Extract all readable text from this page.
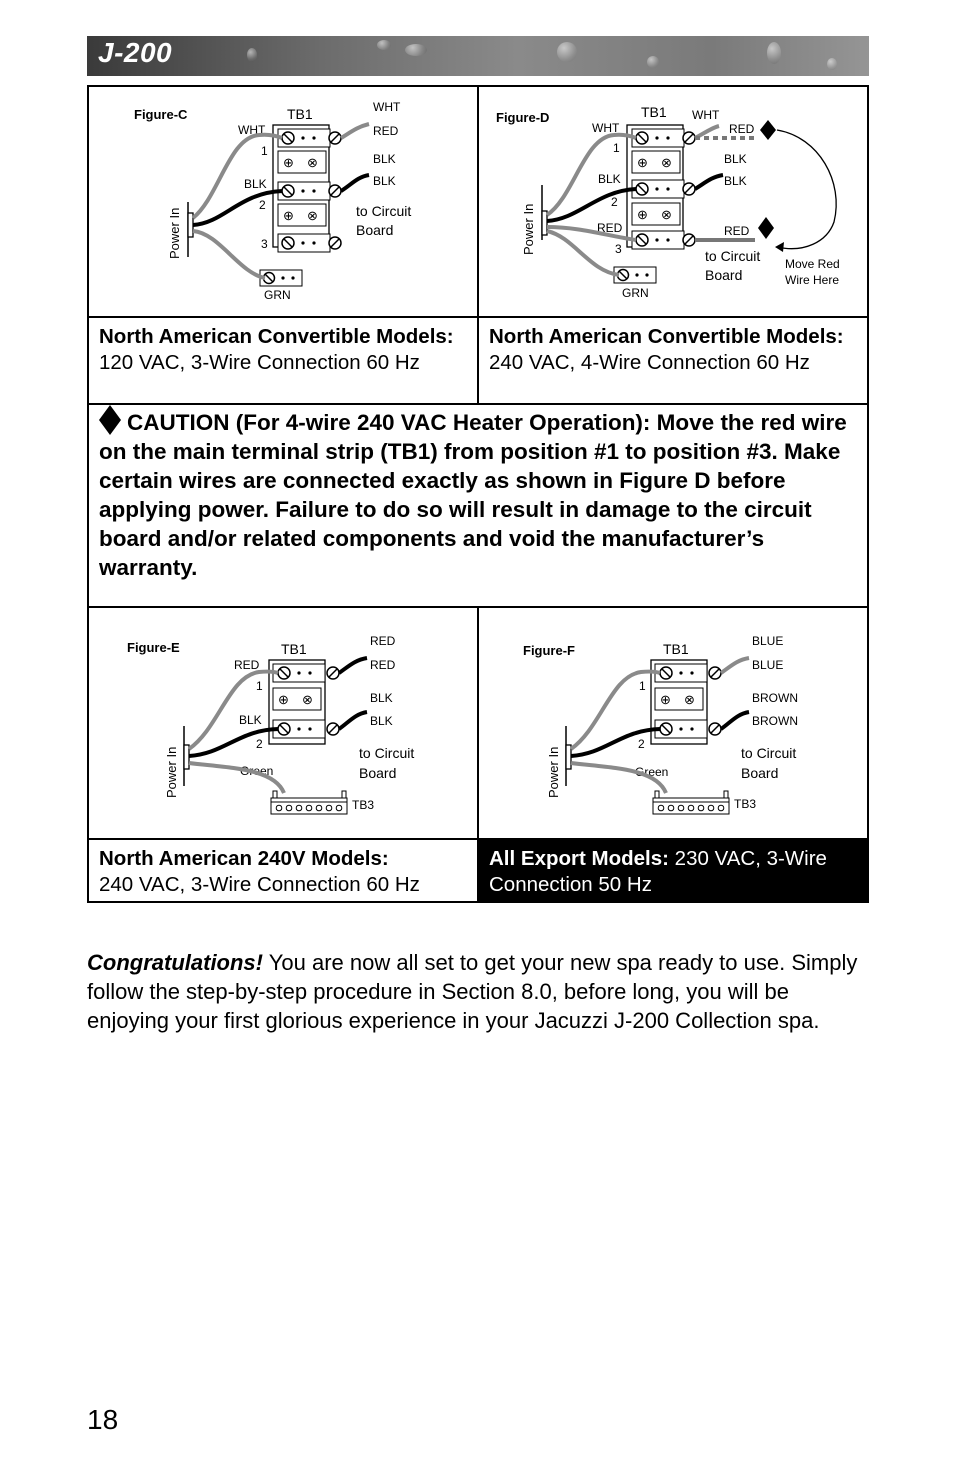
J-200
Figure-C	TB1	WHT
RED
BLK
BLK
WHT
BLK
1
2
3
to Circuit
Board
GRN
Power In
⊕ ⊗
⊕ ⊗
Figure-D	TB1 WHT
RED
BLK
BLK
RED
WHT
BLK
RED
1
2
3	to Circuit
Board
GRN
Move Red
Wire Here
Power In
⊕ ⊗
⊕ ⊗
North American Convertible Models: 120 VAC, 3-Wire Connection 60 Hz
North American Convertible Models: 240 VAC, 4-Wire Connection 60 Hz
CAUTION (For 4-wire 240 VAC Heater Operation): Move the red wire on the main terminal strip (TB1) from position #1 to position #3. Make certain wires are connected exactly as shown in Figure D before applying power. Failure to do so will result in damage to the circuit board and/or related components and void the manufacturer’s warranty.
Figure-E	TB1	RED
RED
BLK
BLK
RED
BLK
1
2
to Circuit
Board
Green
TB3
Power In
⊕ ⊗
Figure-F	TB1	BLUE
BLUE
BROWN
BROWN
1
2
to Circuit
Board
Green
TB3
Power In
⊕ ⊗
North American 240V Models:
240 VAC, 3-Wire Connection 60 Hz
All Export Models: 230 VAC, 3-Wire Connection 50 Hz
Congratulations! You are now all set to get your new spa ready to use. Simply follow the step-by-step procedure in Section 8.0, before long, you will be enjoying your first glorious experience in your Jacuzzi J-200 Collection spa.
18
